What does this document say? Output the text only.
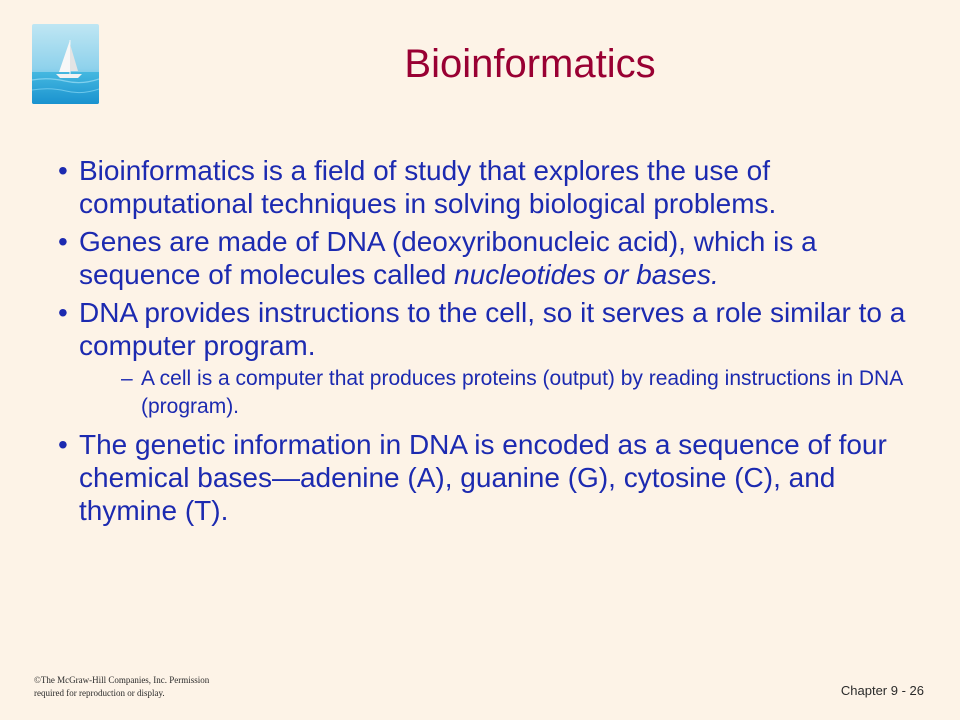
Bioinformatics
• Bioinformatics is a field of study that explores the use of computational techniques in solving biological problems.
• Genes are made of DNA (deoxyribonucleic acid), which is a sequence of molecules called nucleotides or bases.
• DNA provides instructions to the cell, so it serves a role similar to a computer program.
– A cell is a computer that produces proteins (output) by reading instructions in DNA (program).
• The genetic information in DNA is encoded as a sequence of four chemical bases—adenine (A), guanine (G), cytosine (C), and thymine (T).
©The McGraw-Hill Companies, Inc. Permission
required for reproduction or display.	Chapter 9 - 26
